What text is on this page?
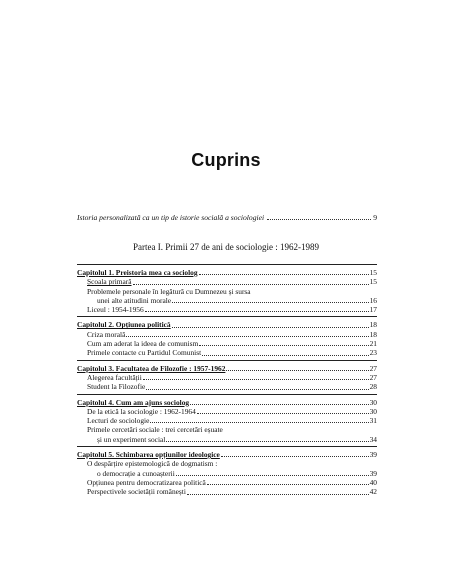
Cuprins
Istoria personalizată ca un tip de istorie socială a sociologiei	9
Partea I. Primii 27 de ani de sociologie : 1962-1989
Capitolul 1. Preistoria mea ca sociolog	15
Școala primară	15
Problemele personale în legătură cu Dumnezeu și sursa
unei alte atitudini morale	16
Liceul : 1954-1956	17
Capitolul 2. Opțiunea politică	18
Criza morală	18
Cum am aderat la ideea de comunism	21
Primele contacte cu Partidul Comunist	23
Capitolul 3. Facultatea de Filozofie : 1957-1962	27
Alegerea facultății	27
Student la Filozofie	28
Capitolul 4. Cum am ajuns sociolog	30
De la etică la sociologie : 1962-1964	30
Lecturi de sociologie	31
Primele cercetări sociale : trei cercetări eșuate
și un experiment social	34
Capitolul 5. Schimbarea opțiunilor ideologice	39
O despărțire epistemologică de dogmatism :
o democrație a cunoașterii	39
Opțiunea pentru democratizarea politică	40
Perspectivele societății românești	42
